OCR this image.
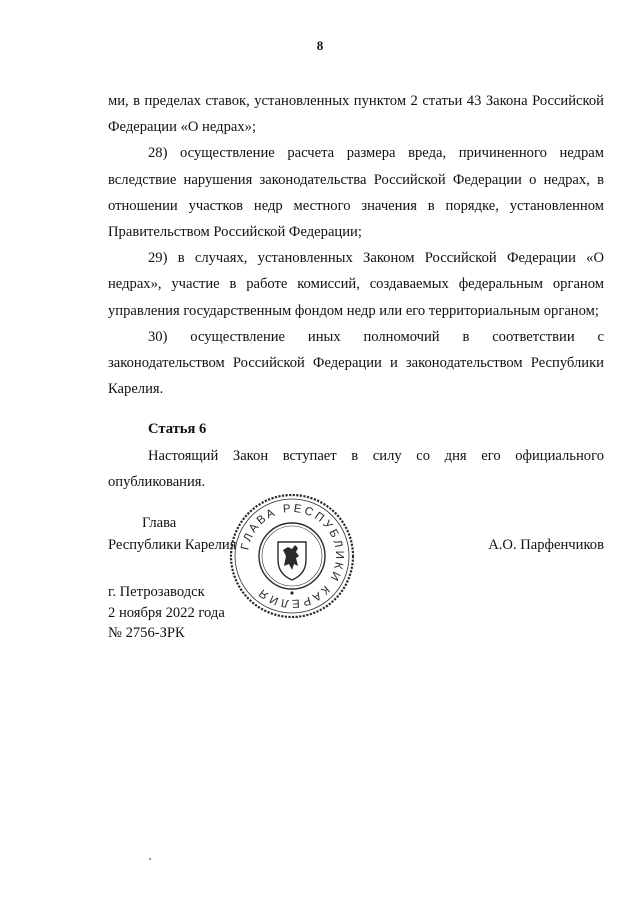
8

ми, в пределах ставок, установленных пунктом 2 статьи 43 Закона Российской Федерации «О недрах»;

28) осуществление расчета размера вреда, причиненного недрам вследствие нарушения законодательства Российской Федерации о недрах, в отношении участков недр местного значения в порядке, установленном Правительством Российской Федерации;

29) в случаях, установленных Законом Российской Федерации «О недрах», участие в работе комиссий, создаваемых федеральным органом управления государственным фондом недр или его территориальным органом;

30) осуществление иных полномочий в соответствии с законодательством Российской Федерации и законодательством Республики Карелия.

Статья 6

Настоящий Закон вступает в силу со дня его официального опубликования.

Глава
Республики Карелия ГЛАВА РЕСПУБЛИКИ КАРЕЛИЯ
А.О. Парфенчиков
г. Петрозаводск
2 ноября 2022 года
№ 2756-ЗРК
